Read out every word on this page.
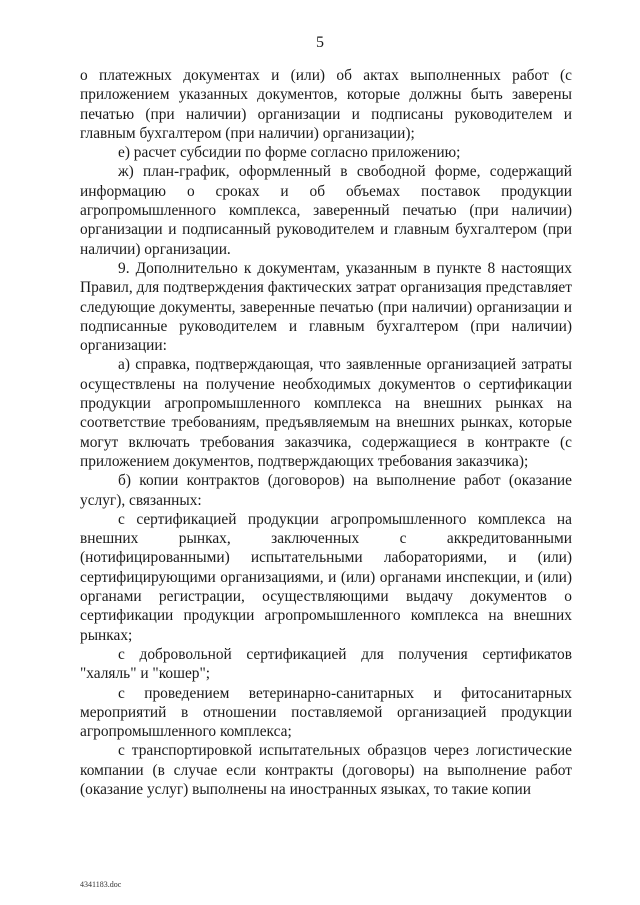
5

о платежных документах и (или) об актах выполненных работ (с приложением указанных документов, которые должны быть заверены печатью (при наличии) организации и подписаны руководителем и главным бухгалтером (при наличии) организации);

е) расчет субсидии по форме согласно приложению;

ж) план-график, оформленный в свободной форме, содержащий информацию о сроках и об объемах поставок продукции агропромышленного комплекса, заверенный печатью (при наличии) организации и подписанный руководителем и главным бухгалтером (при наличии) организации.

9. Дополнительно к документам, указанным в пункте 8 настоящих Правил, для подтверждения фактических затрат организация представляет следующие документы, заверенные печатью (при наличии) организации и подписанные руководителем и главным бухгалтером (при наличии) организации:

а) справка, подтверждающая, что заявленные организацией затраты осуществлены на получение необходимых документов о сертификации продукции агропромышленного комплекса на внешних рынках на соответствие требованиям, предъявляемым на внешних рынках, которые могут включать требования заказчика, содержащиеся в контракте (с приложением документов, подтверждающих требования заказчика);

б) копии контрактов (договоров) на выполнение работ (оказание услуг), связанных:

с сертификацией продукции агропромышленного комплекса на внешних рынках, заключенных с аккредитованными (нотифицированными) испытательными лабораториями, и (или) сертифицирующими организациями, и (или) органами инспекции, и (или) органами регистрации, осуществляющими выдачу документов о сертификации продукции агропромышленного комплекса на внешних рынках;

с добровольной сертификацией для получения сертификатов "халяль" и "кошер";

с проведением ветеринарно-санитарных и фитосанитарных мероприятий в отношении поставляемой организацией продукции агропромышленного комплекса;

с транспортировкой испытательных образцов через логистические компании (в случае если контракты (договоры) на выполнение работ (оказание услуг) выполнены на иностранных языках, то такие копии

4341183.doc
